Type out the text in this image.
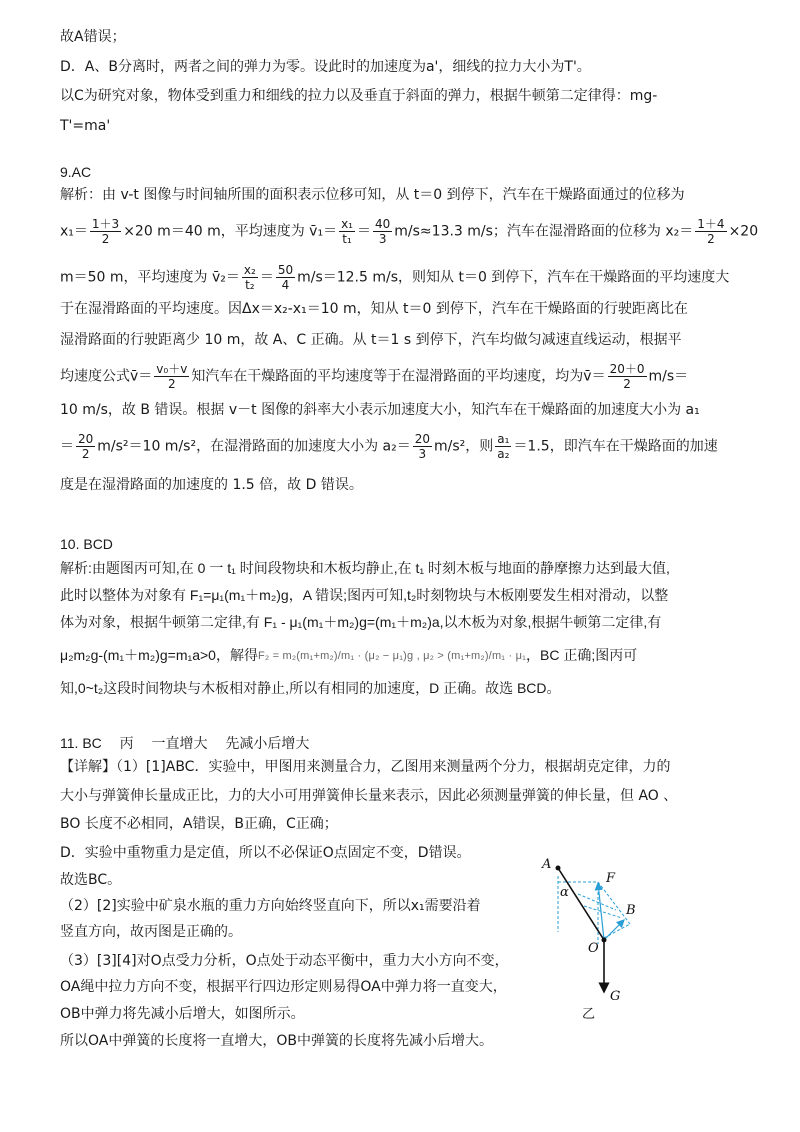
故A错误；
D．A、B分离时，两者之间的弹力为零。设此时的加速度为a'，细线的拉力大小为T'。
以C为研究对象，物体受到重力和细线的拉力以及垂直于斜面的弹力，根据牛顿第二定律得：mg-
T'=ma'
9.AC
解析：由 v-t 图像与时间轴所围的面积表示位移可知，从 t＝0 到停下，汽车在干燥路面通过的位移为
$x_1= \frac{1+3}{2} \times 20$ m＝40 m，平均速度为 v̄₁＝ $\frac{\text{x₁}}{\text{t₁}} = \frac{40}{3} m/s\approx 13.3$ m/s；汽车在湿滑路面的位移为 $x_2= \frac{1+4}{2} \times 20$
m＝50 m，平均速度为 v̄₂＝ $\frac{\text{x₂}}{\text{t₂}} = \frac{50}{4} m/s=12.5$ m/s，则知从 t＝0 到停下，汽车在干燥路面的平均速度大
于在湿滑路面的平均速度。因Δx＝x₂-x₁＝10 m，知从 t＝0 到停下，汽车在干燥路面的行驶距离比在
湿滑路面的行驶距离少 10 m，故 A、C 正确。从 t＝1 s 到停下，汽车均做匀减速直线运动，根据平
均速度公式v̄＝ $\frac{\text{v₀＋v}}{2}$ 知汽车在干燥路面的平均速度等于在湿滑路面的平均速度，均为v̄＝ $\frac{20+0}{2} m/s=$
10 m/s，故 B 错误。根据 v－t 图像的斜率大小表示加速度大小，知汽车在干燥路面的加速度大小为 a₁
＝ $\frac{20}{2} m/s^2=10$ m/s²，在湿滑路面的加速度大小为 $a_2= \frac{20}{3} m/s^2$，则 $\frac{\text{a₁}}{\text{a₂}} =1.5$，即汽车在干燥路面的加速
度是在湿滑路面的加速度的 1.5 倍，故 D 错误。
10. BCD
解析:由题图丙可知,在 0 一 t₁ 时间段物块和木板均静止,在 t₁ 时刻木板与地面的静摩擦力达到最大值,
此时以整体为对象有 F₁=μ₁(m₁＋m₂)g，A 错误;图丙可知,t₂时刻物块与木板刚要发生相对滑动，以整
体为对象，根据牛顿第二定律,有 F₁ - μ₁(m₁＋m₂)g=(m₁＋m₂)a,以木板为对象,根据牛顿第二定律,有
μ₂m₂g-(m₁＋m₂)g=m₁a>0，解得F₂ = m₂(m₁+m₂)/m₁ · (μ₂ − μ₁)g , μ₂ > (m₁+m₂)/m₁ · μ₁，BC 正确;图丙可
知,0~t₂这段时间物块与木板相对静止,所以有相同的加速度，D 正确。故选 BCD。
11. BC　 丙　 一直增大　 先减小后增大
【详解】（1）[1]ABC．实验中，甲图用来测量合力，乙图用来测量两个分力，根据胡克定律，力的
大小与弹簧伸长量成正比，力的大小可用弹簧伸长量来表示，因此必须测量弹簧的伸长量，但 AO 、
BO 长度不必相同，A错误，B正确，C正确；
D．实验中重物重力是定值，所以不必保证O点固定不变，D错误。
故选BC。
（2）[2]实验中矿泉水瓶的重力方向始终竖直向下，所以x₁需要沿着
竖直方向，故丙图是正确的。
（3）[3][4]对O点受力分析，O点处于动态平衡中，重力大小方向不变，
OA绳中拉力方向不变，根据平行四边形定则易得OA中弹力将一直变大，
OB中弹力将先减小后增大，如图所示。
所以OA中弹簧的长度将一直增大，OB中弹簧的长度将先减小后增大。
A
α
F
B
O
G
乙
